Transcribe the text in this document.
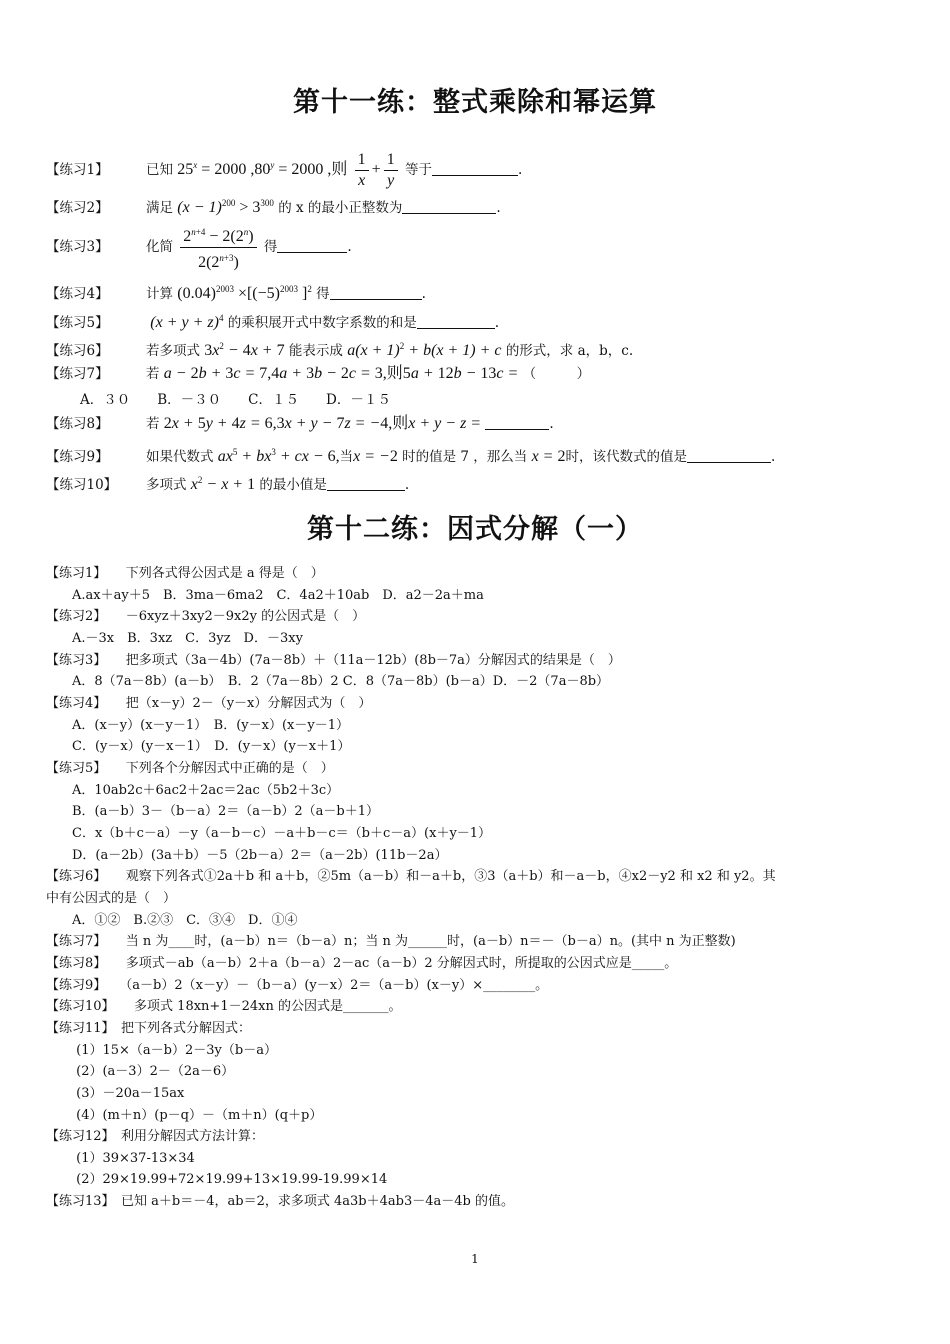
第十一练：整式乘除和幂运算
【练习1】	已知 $25^x = 2000$ $,80^y = 2000$ ,则 $\frac{1}{x} + \frac{1}{y}$ 等于	.
【练习2】	满足 $(x - 1)^{200} > 3^{300}$ 的 x 的最小正整数为	.
【练习3】	化简 $\frac{2^{n+4} - 2(2^n)}{2(2^{n+3})}$ 得	.
【练习4】	计算 $(0.04)^{2003} \times[(-5)^{2003}$ ]$^2$ 得	.
【练习5】	$(x + y + z)^4$ 的乘积展开式中数字系数的和是	.
【练习6】	若多项式 $3x^2 - 4x + 7$ 能表示成 $a(x + 1)^2 + b(x + 1) + c$ 的形式，求 a，b，c.
【练习7】	若 a − 2b + 3c = 7,4a + 3b − 2c = 3,则5a + 12b − 13c = （　　　）
A．３０　　B．－３０　　C．１５　　D．－１５
【练习8】	若 2x + 5y + 4z = 6,3x + y − 7z = −4,则x + y − z =	.
【练习9】	如果代数式 $ax^5 + bx^3$ + cx − 6,当x = −2 时的值是 7 ，那么当 x = 2时，该代数式的值是	.
【练习10】 多项式 $x^2 - x + 1$ 的最小值是	.
第十二练：因式分解（一）
【练习1】　　下列各式得公因式是 a 得是（　）
　　A.ax＋ay＋5　B．3ma－6ma2　C．4a2＋10ab　D．a2－2a＋ma
【练习2】　　－6xyz＋3xy2－9x2y 的公因式是（　）
　　A.－3x　B．3xz　C．3yz　D．－3xy
【练习3】　　把多项式（3a－4b）(7a－8b）＋（11a－12b）(8b－7a）分解因式的结果是（　）
　　A．8（7a－8b）(a－b）　B．2（7a－8b）2 C．8（7a－8b）(b－a）D．－2（7a－8b）
【练习4】　　把（x－y）2－（y－x）分解因式为（　）
　　A．(x－y）(x－y－1）　B．(y－x）(x－y－1）
　　C．(y－x）(y－x－1）　D．(y－x）(y－x＋1）
【练习5】　　下列各个分解因式中正确的是（　）
　　A．10ab2c＋6ac2＋2ac＝2ac（5b2＋3c）
　　B．(a－b）3－（b－a）2＝（a－b）2（a－b＋1）
　　C．x（b＋c－a）－y（a－b－c）－a＋b－c＝（b＋c－a）(x＋y－1）
　　D．(a－2b）(3a＋b）－5（2b－a）2＝（a－2b）(11b－2a）
【练习6】　　观察下列各式①2a＋b 和 a＋b，②5m（a－b）和－a＋b，③3（a＋b）和－a－b，④x2－y2 和 x2 和 y2。其
中有公因式的是（　）
　　A．①②　B.②③　C．③④　D．①④
【练习7】　　当 n 为____时，(a－b）n＝（b－a）n；当 n 为______时，(a－b）n＝－（b－a）n。(其中 n 为正整数)
【练习8】　　多项式－ab（a－b）2＋a（b－a）2－ac（a－b）2 分解因式时，所提取的公因式应是_____。
【练习9】　　（a－b）2（x－y）－（b－a）(y－x）2＝（a－b）(x－y）×________。
【练习10】　　多项式 18xn+1－24xn 的公因式是_______。
【练习11】　把下列各式分解因式：
　　 (1）15×（a－b）2－3y（b－a）
　　 (2）(a－3）2－（2a－6）
　　 (3）－20a－15ax
　　 (4）(m＋n）(p－q）－（m＋n）(q＋p）
【练习12】　利用分解因式方法计算：
　　 (1）39×37-13×34
　　 (2）29×19.99+72×19.99+13×19.99-19.99×14
【练习13】　已知 a＋b＝－4，ab＝2，求多项式 4a3b＋4ab3－4a－4b 的值。
1
